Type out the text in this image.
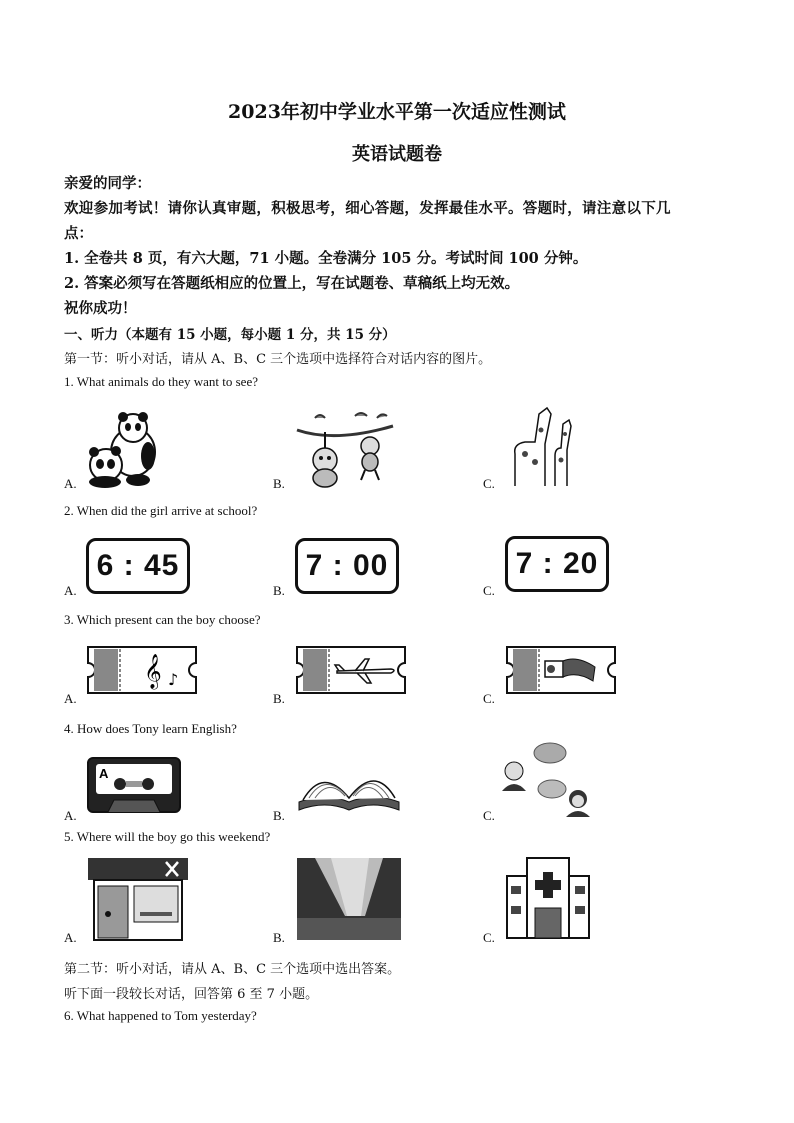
2023年初中学业水平第一次适应性测试
英语试题卷
亲爱的同学：
欢迎参加考试！请你认真审题，积极思考，细心答题，发挥最佳水平。答题时，请注意以下几
点：
1. 全卷共 8 页，有六大题，71 小题。全卷满分 105 分。考试时间 100 分钟。
2. 答案必须写在答题纸相应的位置上，写在试题卷、草稿纸上均无效。
祝你成功！
一、听力（本题有 15 小题，每小题 1 分，共 15 分）
第一节：听小对话，请从 A、B、C 三个选项中选择符合对话内容的图片。
1. What animals do they want to see?
A.	B.	C.
2. When did the girl arrive at school?
A.	B.	C.
6 : 45	7 : 00	7 : 20
3. Which present can the boy choose?
A.	B.	C.
𝄞 ♪
4. How does Tony learn English?
A.	B.	C.
A
5. Where will the boy go this weekend?
A.	B.	C.
第二节：听小对话，请从 A、B、C 三个选项中选出答案。
听下面一段较长对话，回答第 6 至 7 小题。
6. What happened to Tom yesterday?
